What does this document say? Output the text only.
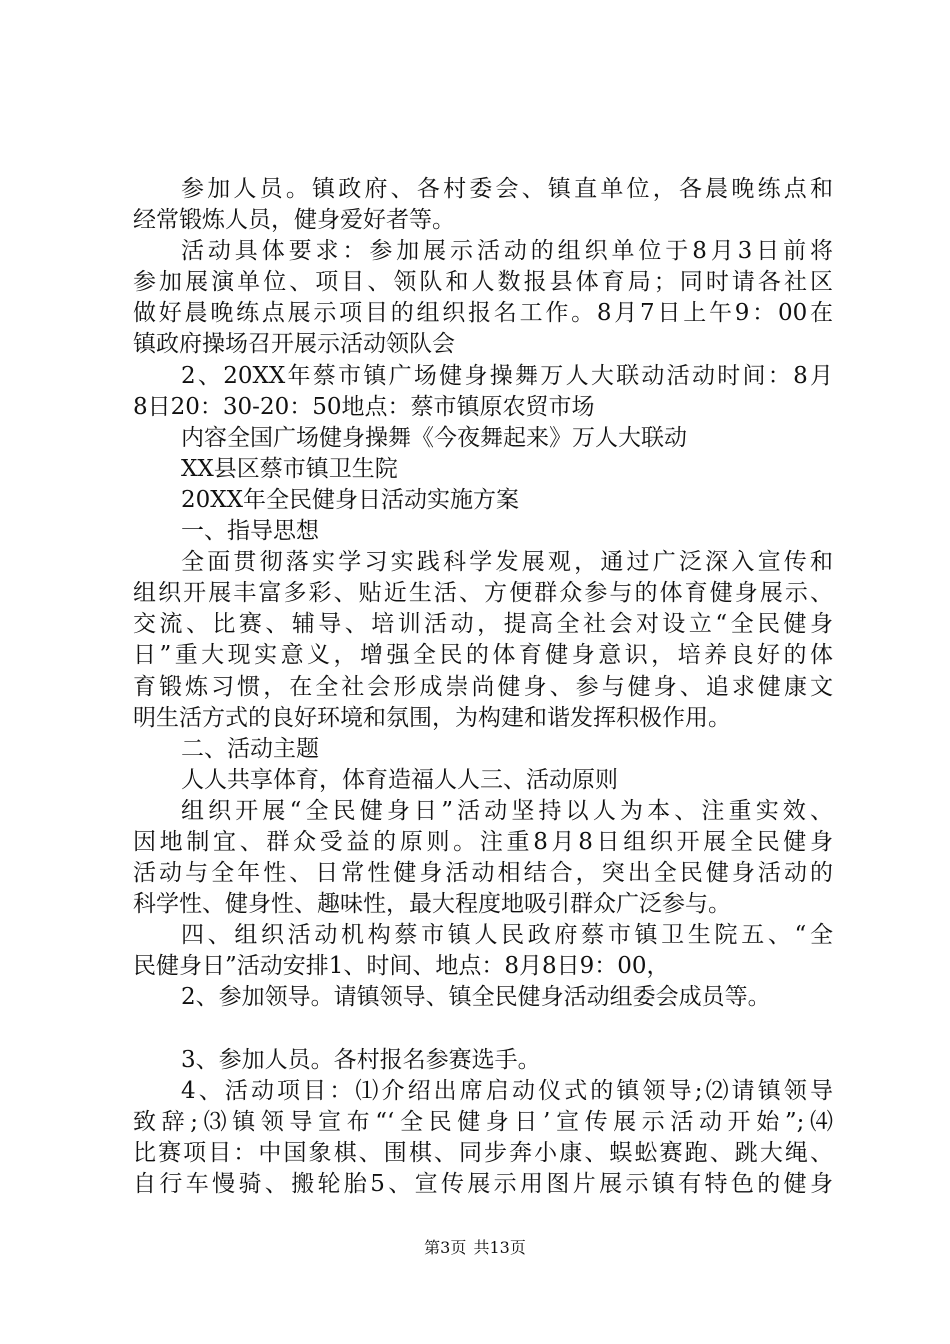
参加人员。镇政府、各村委会、镇直单位，各晨晚练点和
经常锻炼人员，健身爱好者等。
活动具体要求：参加展示活动的组织单位于8月3日前将
参加展演单位、项目、领队和人数报县体育局；同时请各社区
做好晨晚练点展示项目的组织报名工作。8月7日上午9：00在
镇政府操场召开展示活动领队会
2、20XX年蔡市镇广场健身操舞万人大联动活动时间：8月
8日20：30-20：50地点：蔡市镇原农贸市场
内容全国广场健身操舞《今夜舞起来》万人大联动
XX县区蔡市镇卫生院
20XX年全民健身日活动实施方案
一、指导思想
全面贯彻落实学习实践科学发展观，通过广泛深入宣传和
组织开展丰富多彩、贴近生活、方便群众参与的体育健身展示、
交流、比赛、辅导、培训活动，提高全社会对设立“全民健身
日”重大现实意义，增强全民的体育健身意识，培养良好的体
育锻炼习惯，在全社会形成崇尚健身、参与健身、追求健康文
明生活方式的良好环境和氛围，为构建和谐发挥积极作用。
二、活动主题
人人共享体育，体育造福人人三、活动原则
组织开展“全民健身日”活动坚持以人为本、注重实效、
因地制宜、群众受益的原则。注重8月8日组织开展全民健身
活动与全年性、日常性健身活动相结合，突出全民健身活动的
科学性、健身性、趣味性，最大程度地吸引群众广泛参与。
四、组织活动机构蔡市镇人民政府蔡市镇卫生院五、“全
民健身日”活动安排1、时间、地点：8月8日9：00，
2、参加领导。请镇领导、镇全民健身活动组委会成员等。
3、参加人员。各村报名参赛选手。
4、活动项目：⑴介绍出席启动仪式的镇领导;⑵请镇领导
致辞;⑶镇领导宣布“‘全民健身日’宣传展示活动开始”;⑷
比赛项目：中国象棋、围棋、同步奔小康、蜈蚣赛跑、跳大绳、
自行车慢骑、搬轮胎5、宣传展示用图片展示镇有特色的健身
第3页 共13页
